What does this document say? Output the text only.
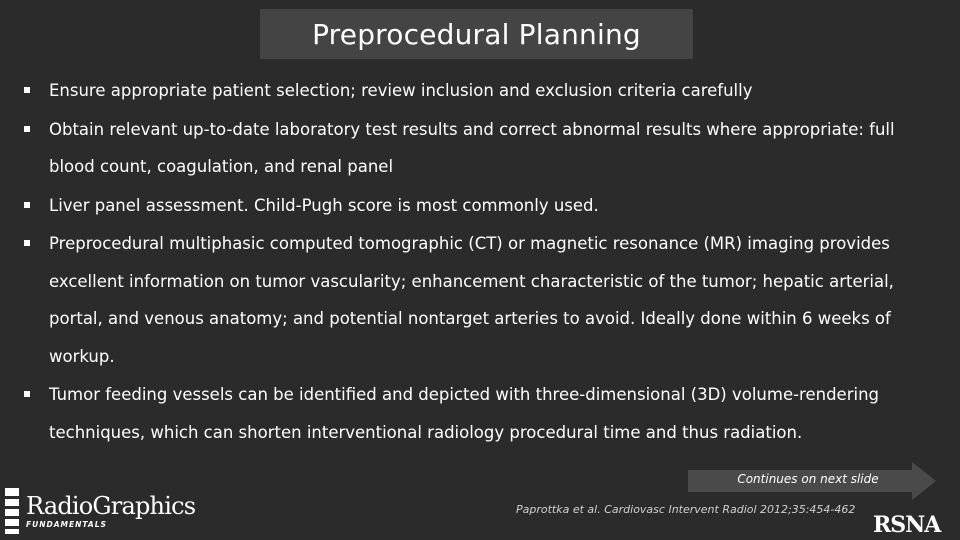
Preprocedural Planning
Ensure appropriate patient selection; review inclusion and exclusion criteria carefully
Obtain relevant up-to-date laboratory test results and correct abnormal results where appropriate: full blood count, coagulation, and renal panel
Liver panel assessment. Child-Pugh score is most commonly used.
Preprocedural multiphasic computed tomographic (CT) or magnetic resonance (MR) imaging provides excellent information on tumor vascularity; enhancement characteristic of the tumor; hepatic arterial, portal, and venous anatomy; and potential nontarget arteries to avoid. Ideally done within 6 weeks of workup.
Tumor feeding vessels can be identified and depicted with three-dimensional (3D) volume-rendering techniques, which can shorten interventional radiology procedural time and thus radiation.
Continues on next slide
Paprottka et al. Cardiovasc Intervent Radiol 2012;35:454-462
RadioGraphics
FUNDAMENTALS	RSNA
